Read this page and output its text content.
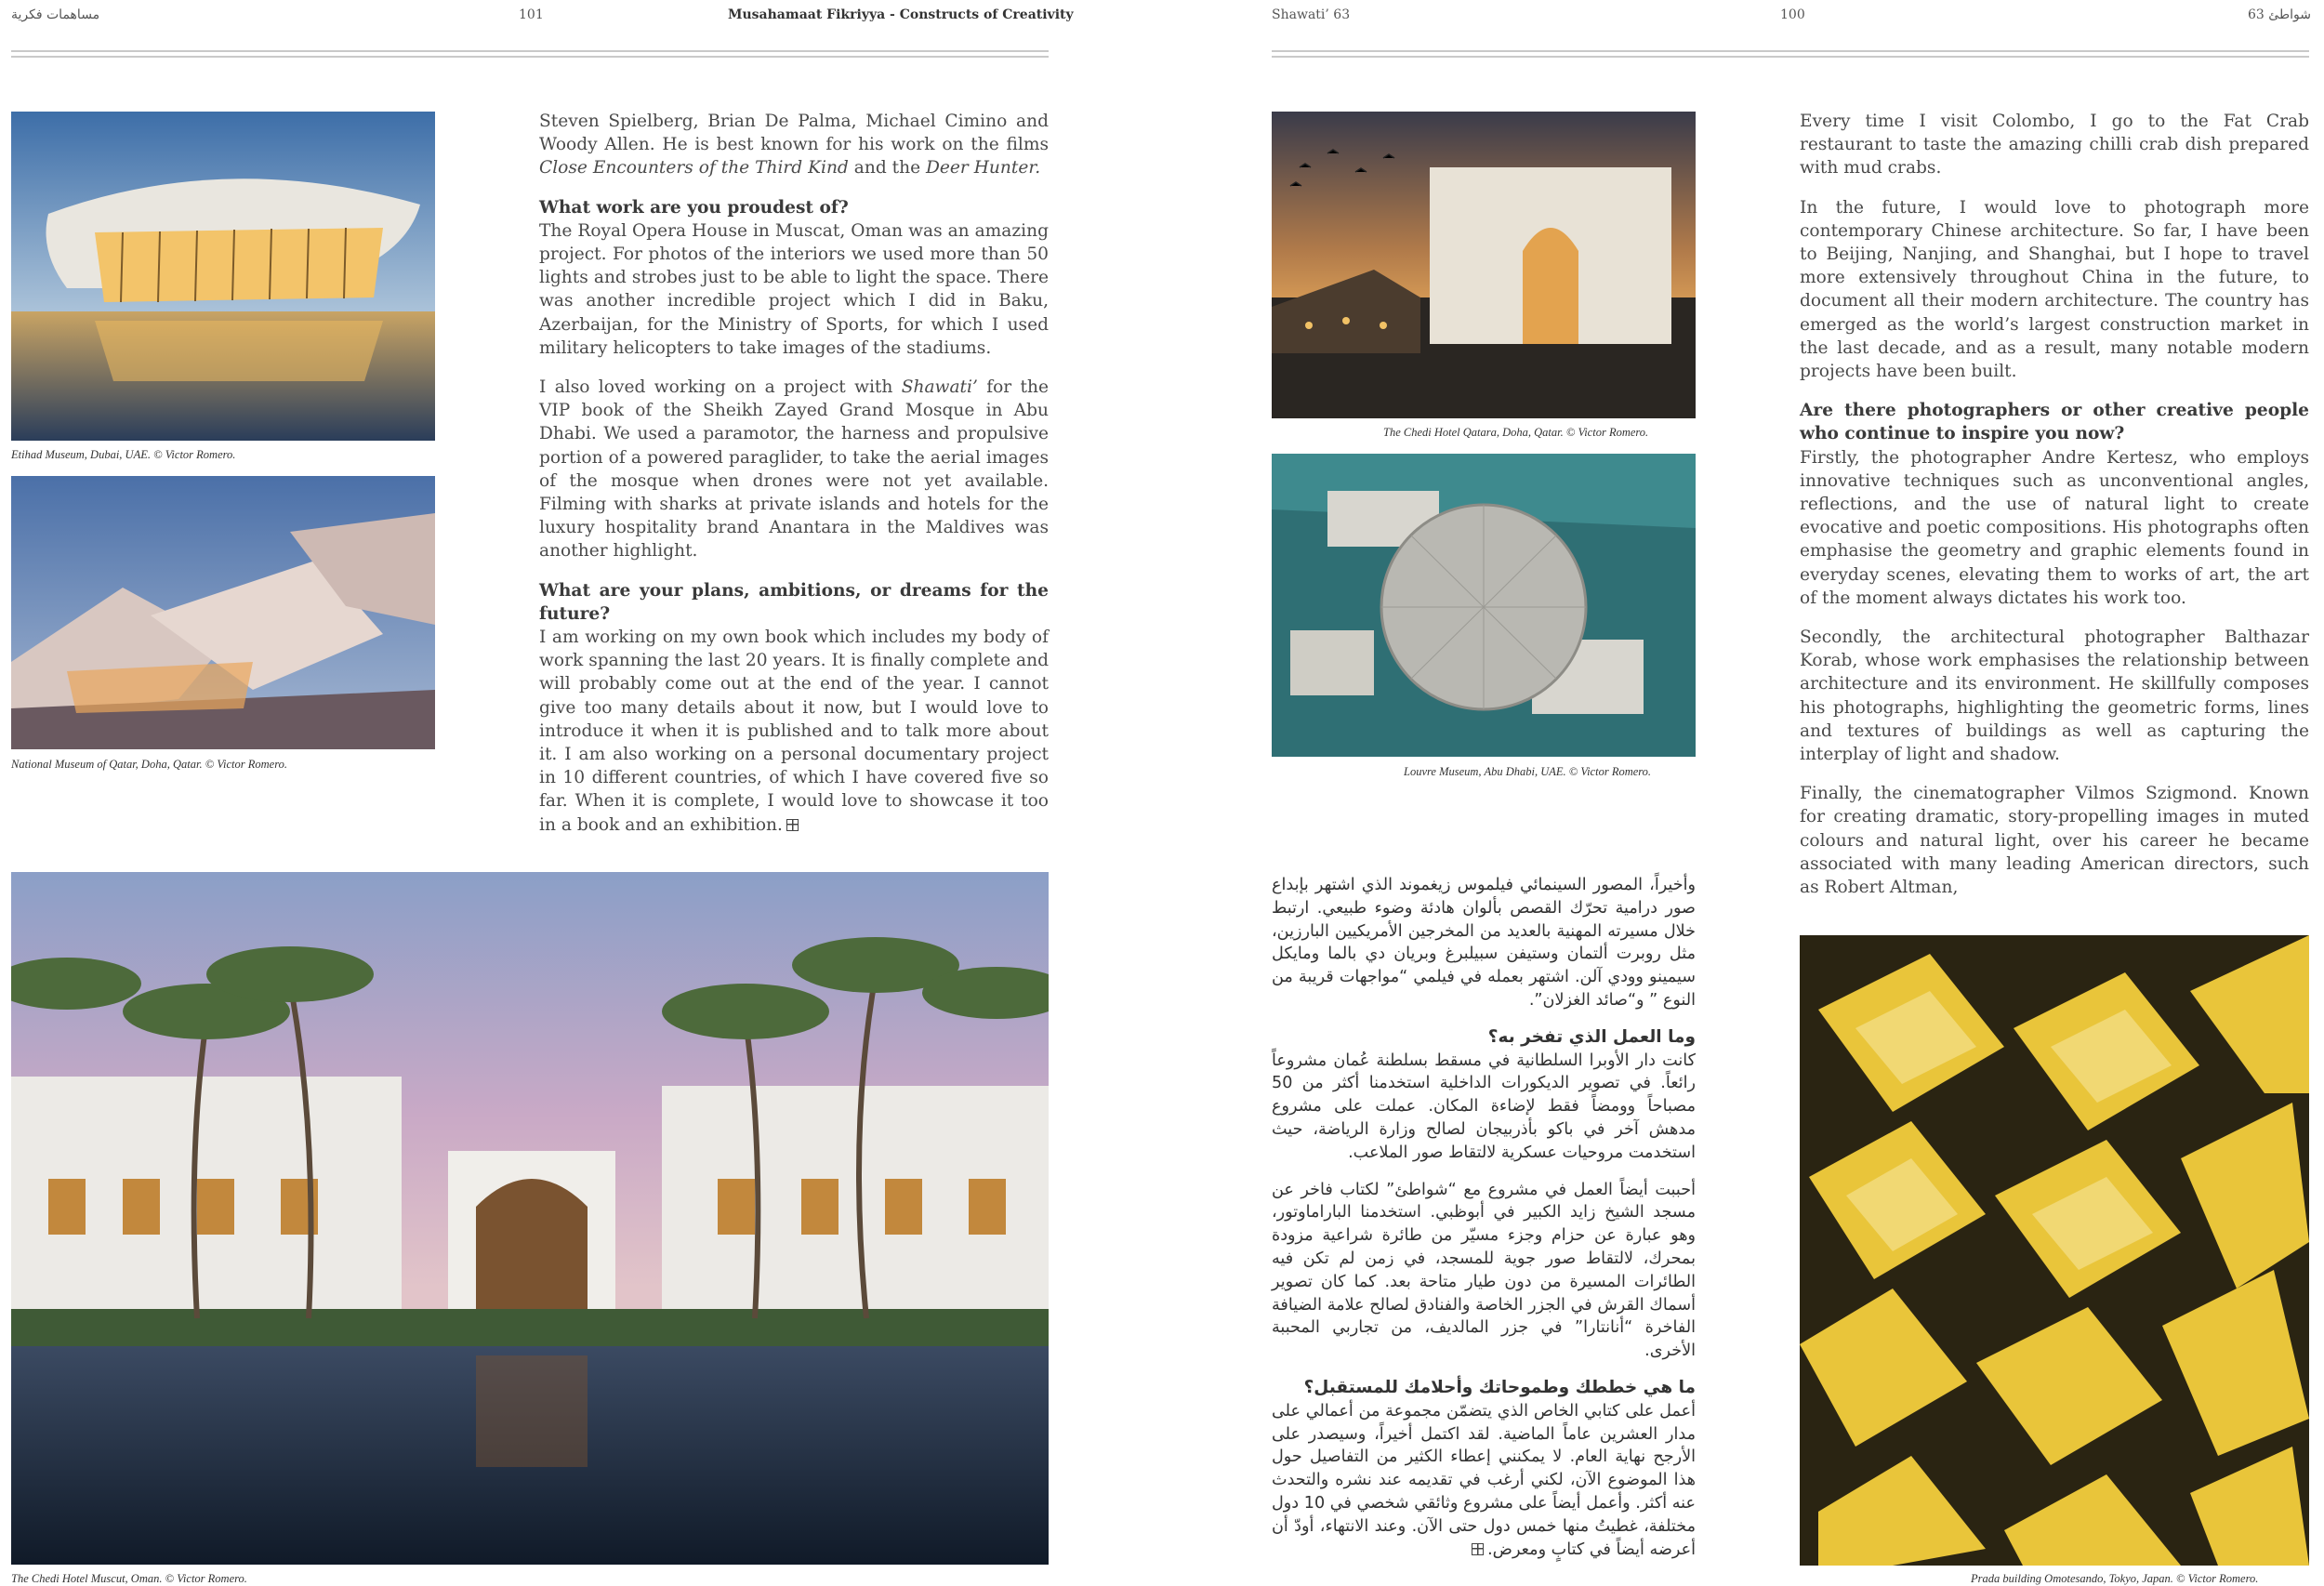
مساهمات فكرية	101	Musahamaat Fikriyya - Constructs of Creativity
Etihad Museum, Dubai, UAE. © Victor Romero.
National Museum of Qatar, Doha, Qatar. © Victor Romero.

Steven Spielberg, Brian De Palma, Michael Cimino and Woody Allen. He is best known for his work on the films Close Encounters of the Third Kind and the Deer Hunter.

What work are you proudest of?
The Royal Opera House in Muscat, Oman was an amazing project. For photos of the interiors we used more than 50 lights and strobes just to be able to light the space. There was another incredible project which I did in Baku, Azerbaijan, for the Ministry of Sports, for which I used military helicopters to take images of the stadiums.

I also loved working on a project with Shawati’ for the VIP book of the Sheikh Zayed Grand Mosque in Abu Dhabi. We used a paramotor, the harness and propulsive portion of a powered paraglider, to take the aerial images of the mosque when drones were not yet available. Filming with sharks at private islands and hotels for the luxury hospitality brand Anantara in the Maldives was another highlight.

What are your plans, ambitions, or dreams for the future?
I am working on my own book which includes my body of work spanning the last 20 years. It is finally complete and will probably come out at the end of the year. I cannot give too many details about it now, but I would love to introduce it when it is published and to talk more about it. I am also working on a personal documentary project in 10 different countries, of which I have covered five so far. When it is complete, I would love to showcase it too in a book and an exhibition.

The Chedi Hotel Muscut, Oman. © Victor Romero.
Shawati’ 63	100	شواطئ 63
The Chedi Hotel Qatara, Doha, Qatar. © Victor Romero.
Louvre Museum, Abu Dhabi, UAE. © Victor Romero.

Every time I visit Colombo, I go to the Fat Crab restaurant to taste the amazing chilli crab dish prepared with mud crabs.

In the future, I would love to photograph more contemporary Chinese architecture. So far, I have been to Beijing, Nanjing, and Shanghai, but I hope to travel more extensively throughout China in the future, to document all their modern architecture. The country has emerged as the world’s largest construction market in the last decade, and as a result, many notable modern projects have been built.

Are there photographers or other creative people who continue to inspire you now?
Firstly, the photographer Andre Kertesz, who employs innovative techniques such as unconventional angles, reflections, and the use of natural light to create evocative and poetic compositions. His photographs often emphasise the geometry and graphic elements found in everyday scenes, elevating them to works of art, the art of the moment always dictates his work too.

Secondly, the architectural photographer Balthazar Korab, whose work emphasises the relationship between architecture and its environment. He skillfully composes his photographs, highlighting the geometric forms, lines and textures of buildings as well as capturing the interplay of light and shadow.

Finally, the cinematographer Vilmos Szigmond. Known for creating dramatic, story-propelling images in muted colours and natural light, over his career he became associated with many leading American directors, such as Robert Altman,

وأخيراً، المصور السينمائي فيلموس زيغموند الذي اشتهر بإبداع صور درامية تحرّك القصص بألوان هادئة وضوء طبيعي. ارتبط خلال مسيرته المهنية بالعديد من المخرجين الأمريكيين البارزين، مثل روبرت ألتمان وستيفن سبيلبرغ وبريان دي بالما ومايكل سيمينو وودي آلن. اشتهر بعمله في فيلمي “مواجهات قريبة من النوع ” و“صائد الغزلان”.

وما العمل الذي تفخر به؟
كانت دار الأوبرا السلطانية في مسقط بسلطنة عُمان مشروعاً رائعاً. في تصوير الديكورات الداخلية استخدمنا أكثر من 50 مصباحاً وومضاً فقط لإضاءة المكان. عملت على مشروع مدهش آخر في باكو بأذربيجان لصالح وزارة الرياضة، حيث استخدمت مروحيات عسكرية لالتقاط صور الملاعب.

أحببت أيضاً العمل في مشروع مع “شواطئ” لكتاب فاخر عن مسجد الشيخ زايد الكبير في أبوظبي. استخدمنا الباراماوتور، وهو عبارة عن حزام وجزء مسيّر من طائرة شراعية مزودة بمحرك، لالتقاط صور جوية للمسجد، في زمن لم تكن فيه الطائرات المسيرة من دون طيار متاحة بعد. كما كان تصوير أسماك القرش في الجزر الخاصة والفنادق لصالح علامة الضيافة الفاخرة “أنانتارا” في جزر المالديف، من تجاربي المحببة الأخرى.

ما هي خططك وطموحاتك وأحلامك للمستقبل؟
أعمل على كتابي الخاص الذي يتضمّن مجموعة من أعمالي على مدار العشرين عاماً الماضية. لقد اكتمل أخيراً، وسيصدر على الأرجح نهاية العام. لا يمكنني إعطاء الكثير من التفاصيل حول هذا الموضوع الآن، لكني أرغب في تقديمه عند نشره والتحدث عنه أكثر. وأعمل أيضاً على مشروع وثائقي شخصي في 10 دول مختلفة، غطيتُ منها خمس دول حتى الآن. وعند الانتهاء، أودّ أن أعرضه أيضاً في كتابٍ ومعرض.

Prada building Omotesando, Tokyo, Japan. © Victor Romero.
